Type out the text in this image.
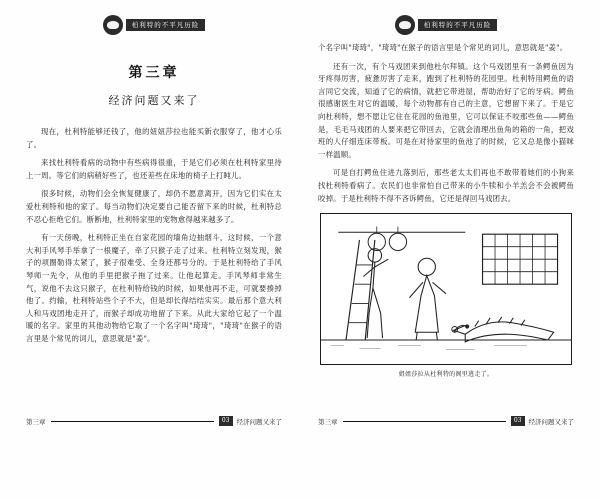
柏利特的不平凡历险
第三章
经济问题又来了

现在，杜利特能够还钱了，他的妞妞莎拉也能买新衣服穿了，他才心乐了。

来找杜利特看病的动物中有些病得很重，于是它们必须在杜利特家里待上一周。等它们的病稍好些了，也还差些在床地的椅子上打盹儿。

很多时候，动物们会全恢复健康了，却仍不愿意离开，因为它们实在太爱杜利特和他的家了。每当动物们决定要自己能否留下来的时候，杜利特总不忍心拒绝它们。断断地，杜利特家里的宠物愈得越来越多了。

有一天傍晚，杜利特正坐在自家花园的墙角边抽烟斗，这时候，一个意大利手风琴手举拿了一根魔子，牵了只猴子走了过来。杜利特立刻发现，猴子的项圈勒得太紧了，猴子很难受、全身还都号分的。于是杜利特给了手风琴师一先令，从他的手里把猴子拖了过来。让他起算走。手风琴师非常生气，说他不去这只猴子，在杜利特给钱的时候，如果他再不走，可就要揍掉他了。约输，杜利特站些个子不大，但是却长得结结实实。最后那个意大利人和马戏团地走开了，而猴子却成功地留了下来。从此大家给它起了一个温暖的名字。家里的其他动物给它取了一个名字叫"琦琦"，"琦琦"在猴子的语言里是个常见的词儿，意思就是"姜"。

第三章	03	经济问题又来了
柏利特的不平凡历险

个名字叫"琦琦"，"琦琦"在猴子的语言里是个常见的词儿，意思就是"姜"。

还有一次，有个马戏团来到他杜尔拜镇。这个马戏团里有一条鳄鱼因为牙疼得厉害，疲惫厉害了走来，跑到了杜利特的花园里。杜利特用鳄鱼的语言同它交流，知道了它的病情，就把它带进屋，帮助治好了它的牙病。鳄鱼很感谢医生对它的温暖，每个动物都有自己的主意，它想留下来了。于是它向杜利特，想不愿让它住在花园的鱼池里，它可以保证不咬那些鱼——鳄鱼是，毛毛马戏团的人要来把它带回去，它就会清理出鱼角的箱的一角，把戏班的人仔细连床带板。可是在对待家里的鱼池了的时候，它又总是像小猫咪一样温顺。

可是自打鳄鱼住进九落到后，那些老太太们再也不敢带着她们的小狗来找杜利特看病了。农民们也非常怕自己带来的小牛犊和小羊羔会不会被鳄鱼咬掉。于是杜利特不得不吝诉鳄鱼，它还是得回马戏团去。

姐姐莎拉从杜利特的阁里逃走了。
第三章	03	经济问题又来了
